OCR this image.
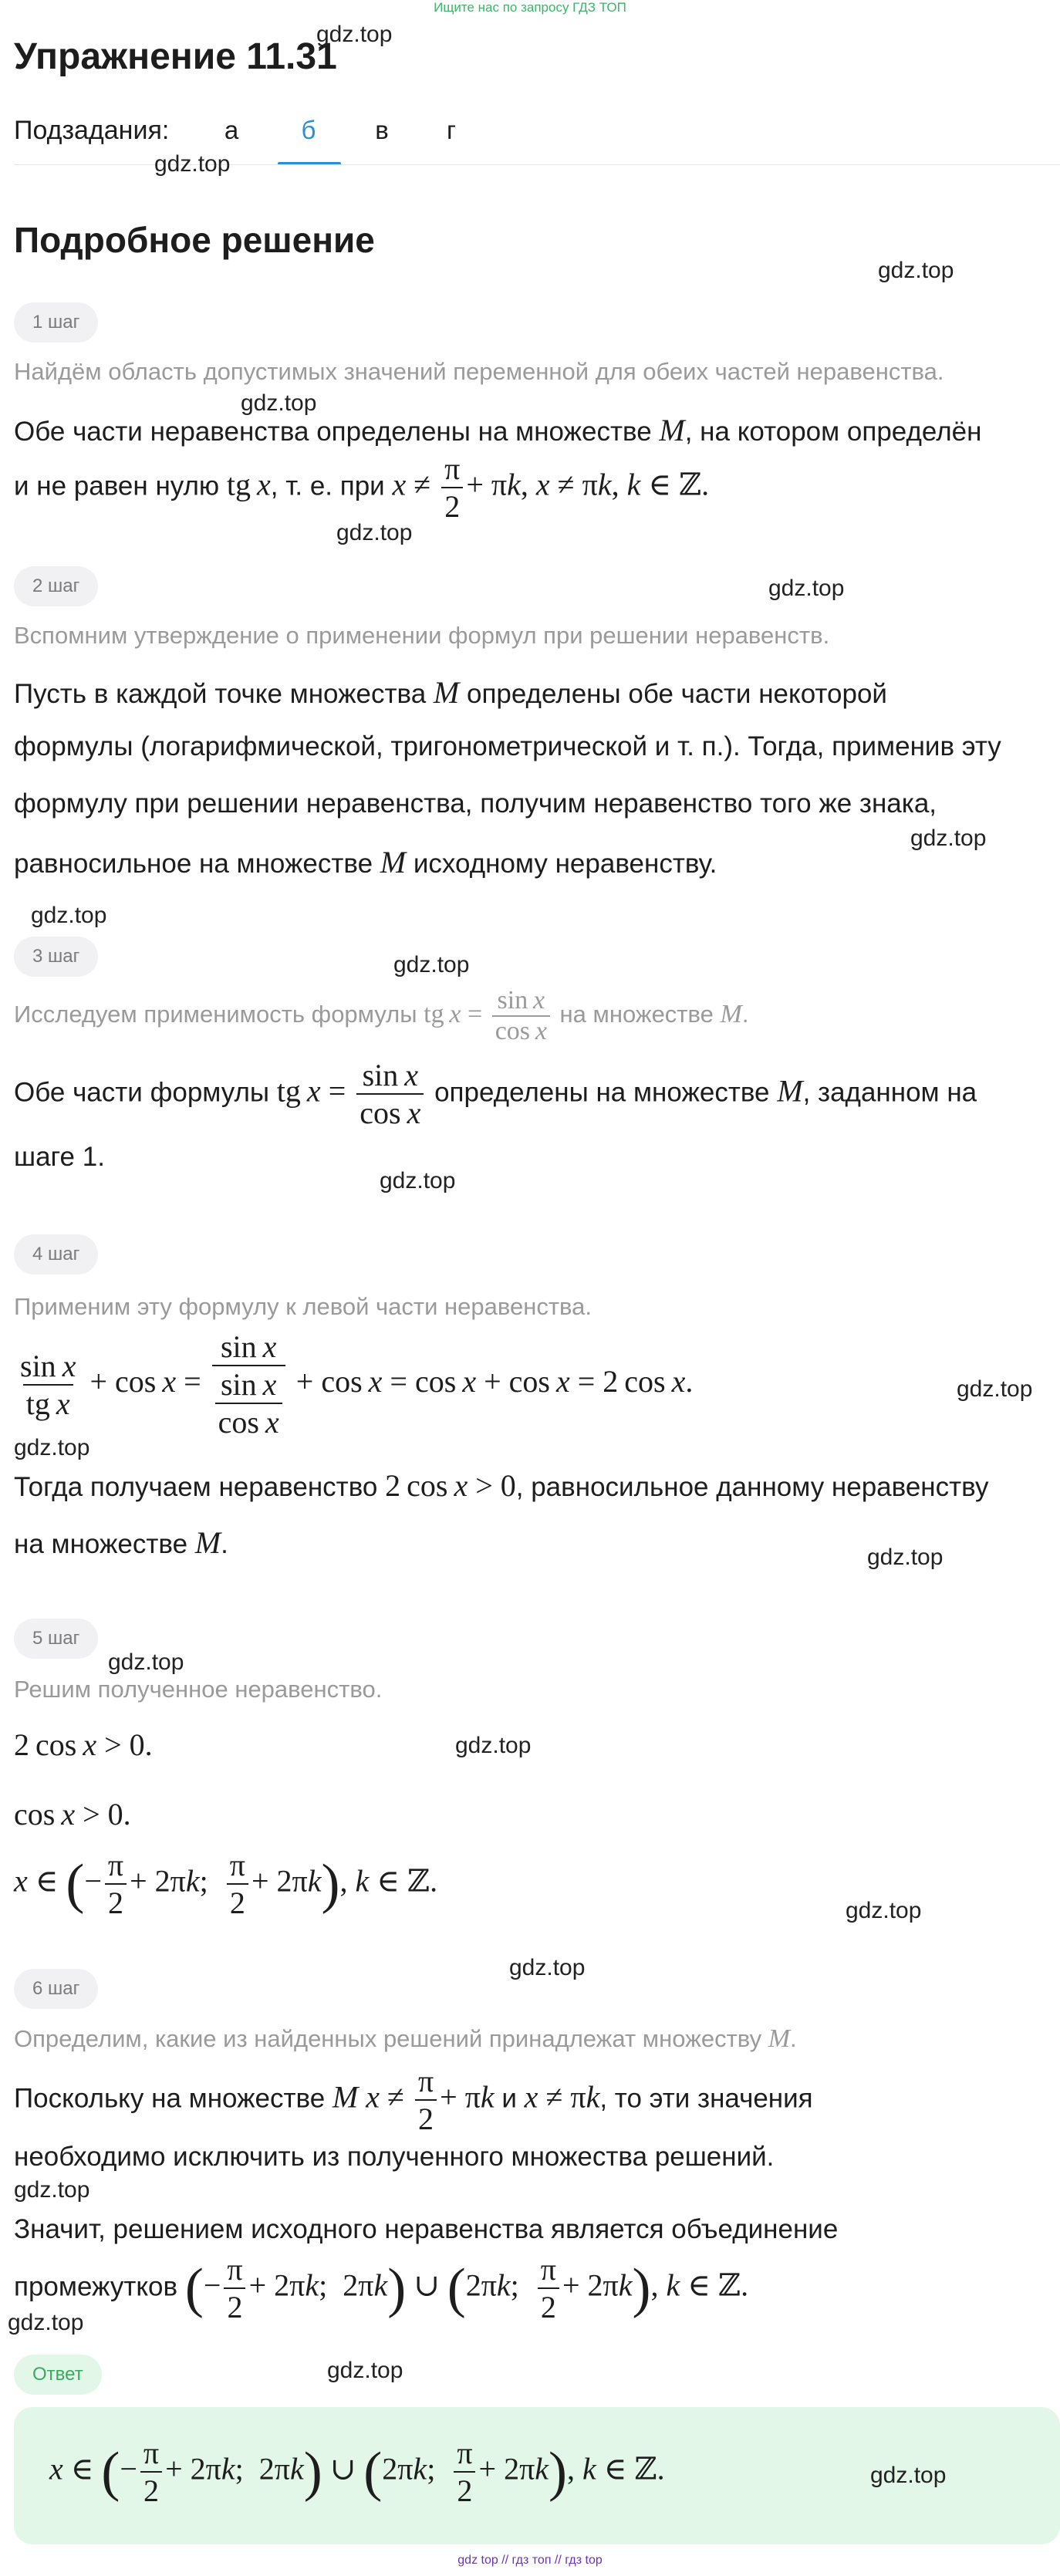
Ищите нас по запросу ГДЗ ТОП
Упражнение 11.31
gdz.top
Подзадания:	а	б	в	г
gdz.top
Подробное решение
gdz.top
1 шаг
Найдём область допустимых значений переменной для обеих частей неравенства.
gdz.top
Обе части неравенства определены на множестве M, на котором определён
и не равен нулю tg x, т. е. при $x \ne \frac{\pi}{2} + \pi k$, x ≠ πk, k ∈ ℤ.
gdz.top
2 шаг	gdz.top
Вспомним утверждение о применении формул при решении неравенств.
Пусть в каждой точке множества M определены обе части некоторой
формулы (логарифмической, тригонометрической и т. п.). Тогда, применив эту
формулу при решении неравенства, получим неравенство того же знака,
gdz.top
равносильное на множестве M исходному неравенству.
gdz.top
3 шаг	gdz.top
Исследуем применимость формулы tg $x = \frac{\text{sin x}}{\text{cos x}}$ на множестве M.
Обе части формулы tg $x = \frac{\text{sin x}}{\text{cos x}}$ определены на множестве M, заданном на
шаге 1.
gdz.top
4 шаг
Применим эту формулу к левой части неравенства.
$\frac{\text{sin x}}{\text{tg x}} + \cos x = \sin x$
sin x
cos x + cos x = cos x + cos x = 2 cos x.	gdz.top
gdz.top
Тогда получаем неравенство 2 cos x > 0, равносильное данному неравенству
на множестве M.	gdz.top
5 шаг
gdz.top
Решим полученное неравенство.
2 cos x > 0.	gdz.top
cos x > 0.
x ∈ (− $\frac{\pi}{2} + 2\pi k$; $\frac{\pi}{2} + 2\pi k$), k ∈ ℤ.
gdz.top
gdz.top
6 шаг
Определим, какие из найденных решений принадлежат множеству M.
Поскольку на множестве M $x \ne \frac{\pi}{2} + \pi k$ и x ≠ πk, то эти значения
необходимо исключить из полученного множества решений.
gdz.top
Значит, решением исходного неравенства является объединение
промежутков (− $\frac{\pi}{2} + 2\pi k$;  2πk) ∪ (2πk; $\frac{\pi}{2} + 2\pi k$), k ∈ ℤ.
gdz.top
Ответ	gdz.top
x ∈ (− $\frac{\pi}{2} + 2\pi k$;  2πk) ∪ (2πk; $\frac{\pi}{2} + 2\pi k$), k ∈ ℤ.	gdz.top
gdz top // гдз топ // гдз top
